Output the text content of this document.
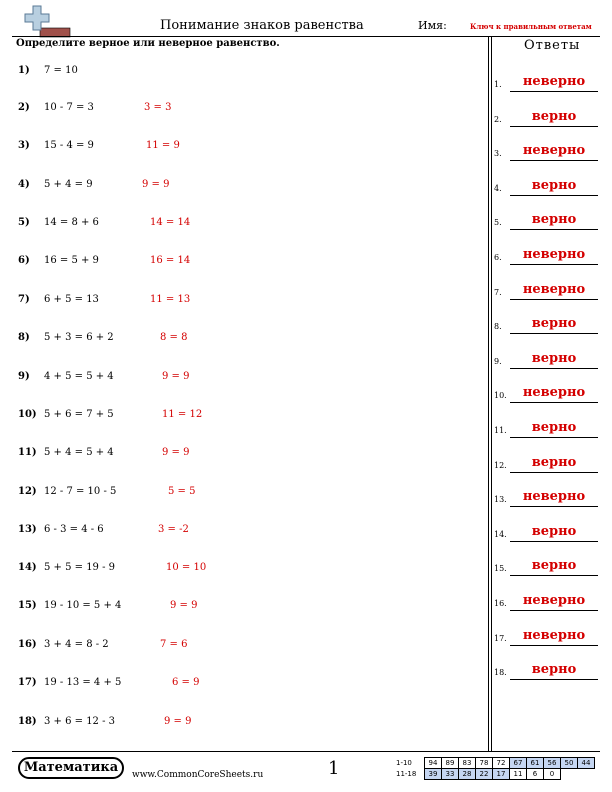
Понимание знаков равенства	Имя:	Ключ к правильным ответам
Определите верное или неверное равенство.	Ответы
1) 7 = 10
2) 10 - 7 = 3	3 = 3
3) 15 - 4 = 9	11 = 9
4) 5 + 4 = 9	9 = 9
5) 14 = 8 + 6	14 = 14
6) 16 = 5 + 9	16 = 14
7) 6 + 5 = 13	11 = 13
8) 5 + 3 = 6 + 2	8 = 8
9) 4 + 5 = 5 + 4	9 = 9
10) 5 + 6 = 7 + 5	11 = 12
11) 5 + 4 = 5 + 4	9 = 9
12) 12 - 7 = 10 - 5	5 = 5
13) 6 - 3 = 4 - 6	3 = -2
14) 5 + 5 = 19 - 9	10 = 10
15) 19 - 10 = 5 + 4	9 = 9
16) 3 + 4 = 8 - 2	7 = 6
17) 19 - 13 = 4 + 5	6 = 9
18) 3 + 6 = 12 - 3	9 = 9
1.	неверно
2.	верно
3.	неверно
4.	верно
5.	верно
6.	неверно
7.	неверно
8.	верно
9.	верно
10.	неверно
11.	верно
12.	верно
13.	неверно
14.	верно
15.	верно
16.	неверно
17.	неверно
18.	верно
Математика	www.CommonCoreSheets.ru	1	1-10	94	89	83	78	72	67	61	56	50	44
11-18	39	33	28	22	17	11	6	0		
